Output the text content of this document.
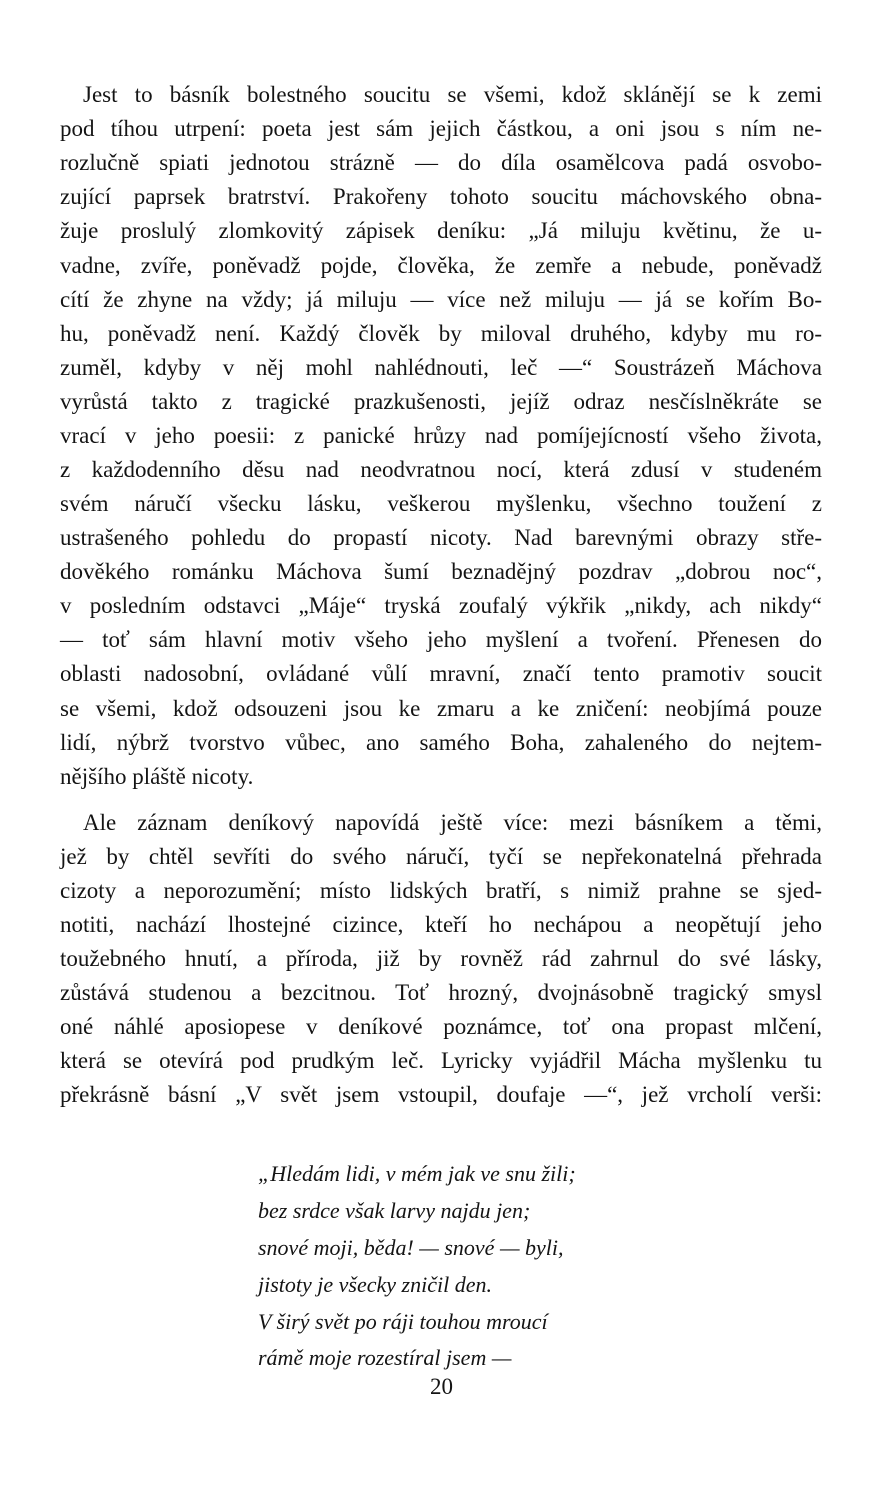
Jest to básník bolestného soucitu se všemi, kdož sklánějí se k zemi
pod tíhou utrpení: poeta jest sám jejich částkou, a oni jsou s ním ne-
rozlučně spiati jednotou strázně — do díla osamělcova padá osvobo-
zující paprsek bratrství. Prakořeny tohoto soucitu máchovského obna-
žuje proslulý zlomkovitý zápisek deníku: „Já miluju květinu, že u-
vadne, zvíře, poněvadž pojde, člověka, že zemře a nebude, poněvadž
cítí že zhyne na vždy; já miluju — více než miluju — já se kořím Bo-
hu, poněvadž není. Každý člověk by miloval druhého, kdyby mu ro-
zuměl, kdyby v něj mohl nahlédnouti, leč —“ Soustrázeň Máchova
vyrůstá takto z tragické prazkušenosti, jejíž odraz nesčíslněkráte se
vrací v jeho poesii: z panické hrůzy nad pomíjejícností všeho života,
z každodenního děsu nad neodvratnou nocí, která zdusí v studeném
svém náručí všecku lásku, veškerou myšlenku, všechno toužení z
ustrašeného pohledu do propastí nicoty. Nad barevnými obrazy stře-
dověkého románku Máchova šumí beznadějný pozdrav „dobrou noc“,
v posledním odstavci „Máje“ tryská zoufalý výkřik „nikdy, ach nikdy“
— toť sám hlavní motiv všeho jeho myšlení a tvoření. Přenesen do
oblasti nadosobní, ovládané vůlí mravní, značí tento pramotiv soucit
se všemi, kdož odsouzeni jsou ke zmaru a ke zničení: neobjímá pouze
lidí, nýbrž tvorstvo vůbec, ano samého Boha, zahaleného do nejtem-
nějšího pláště nicoty.
Ale záznam deníkový napovídá ještě více: mezi básníkem a těmi,
jež by chtěl sevříti do svého náručí, tyčí se nepřekonatelná přehrada
cizoty a neporozumění; místo lidských bratří, s nimiž prahne se sjed-
notiti, nachází lhostejné cizince, kteří ho nechápou a neopětují jeho
toužebného hnutí, a příroda, již by rovněž rád zahrnul do své lásky,
zůstává studenou a bezcitnou. Toť hrozný, dvojnásobně tragický smysl
oné náhlé aposiopese v deníkové poznámce, toť ona propast mlčení,
která se otevírá pod prudkým leč. Lyricky vyjádřil Mácha myšlenku tu
překrásně básní „V svět jsem vstoupil, doufaje —“, jež vrcholí verši:
„Hledám lidi, v mém jak ve snu žili;
bez srdce však larvy najdu jen;
snové moji, běda! — snové — byli,
jistoty je všecky zničil den.
V širý svět po ráji touhou mroucí
rámě moje rozestíral jsem —
20
